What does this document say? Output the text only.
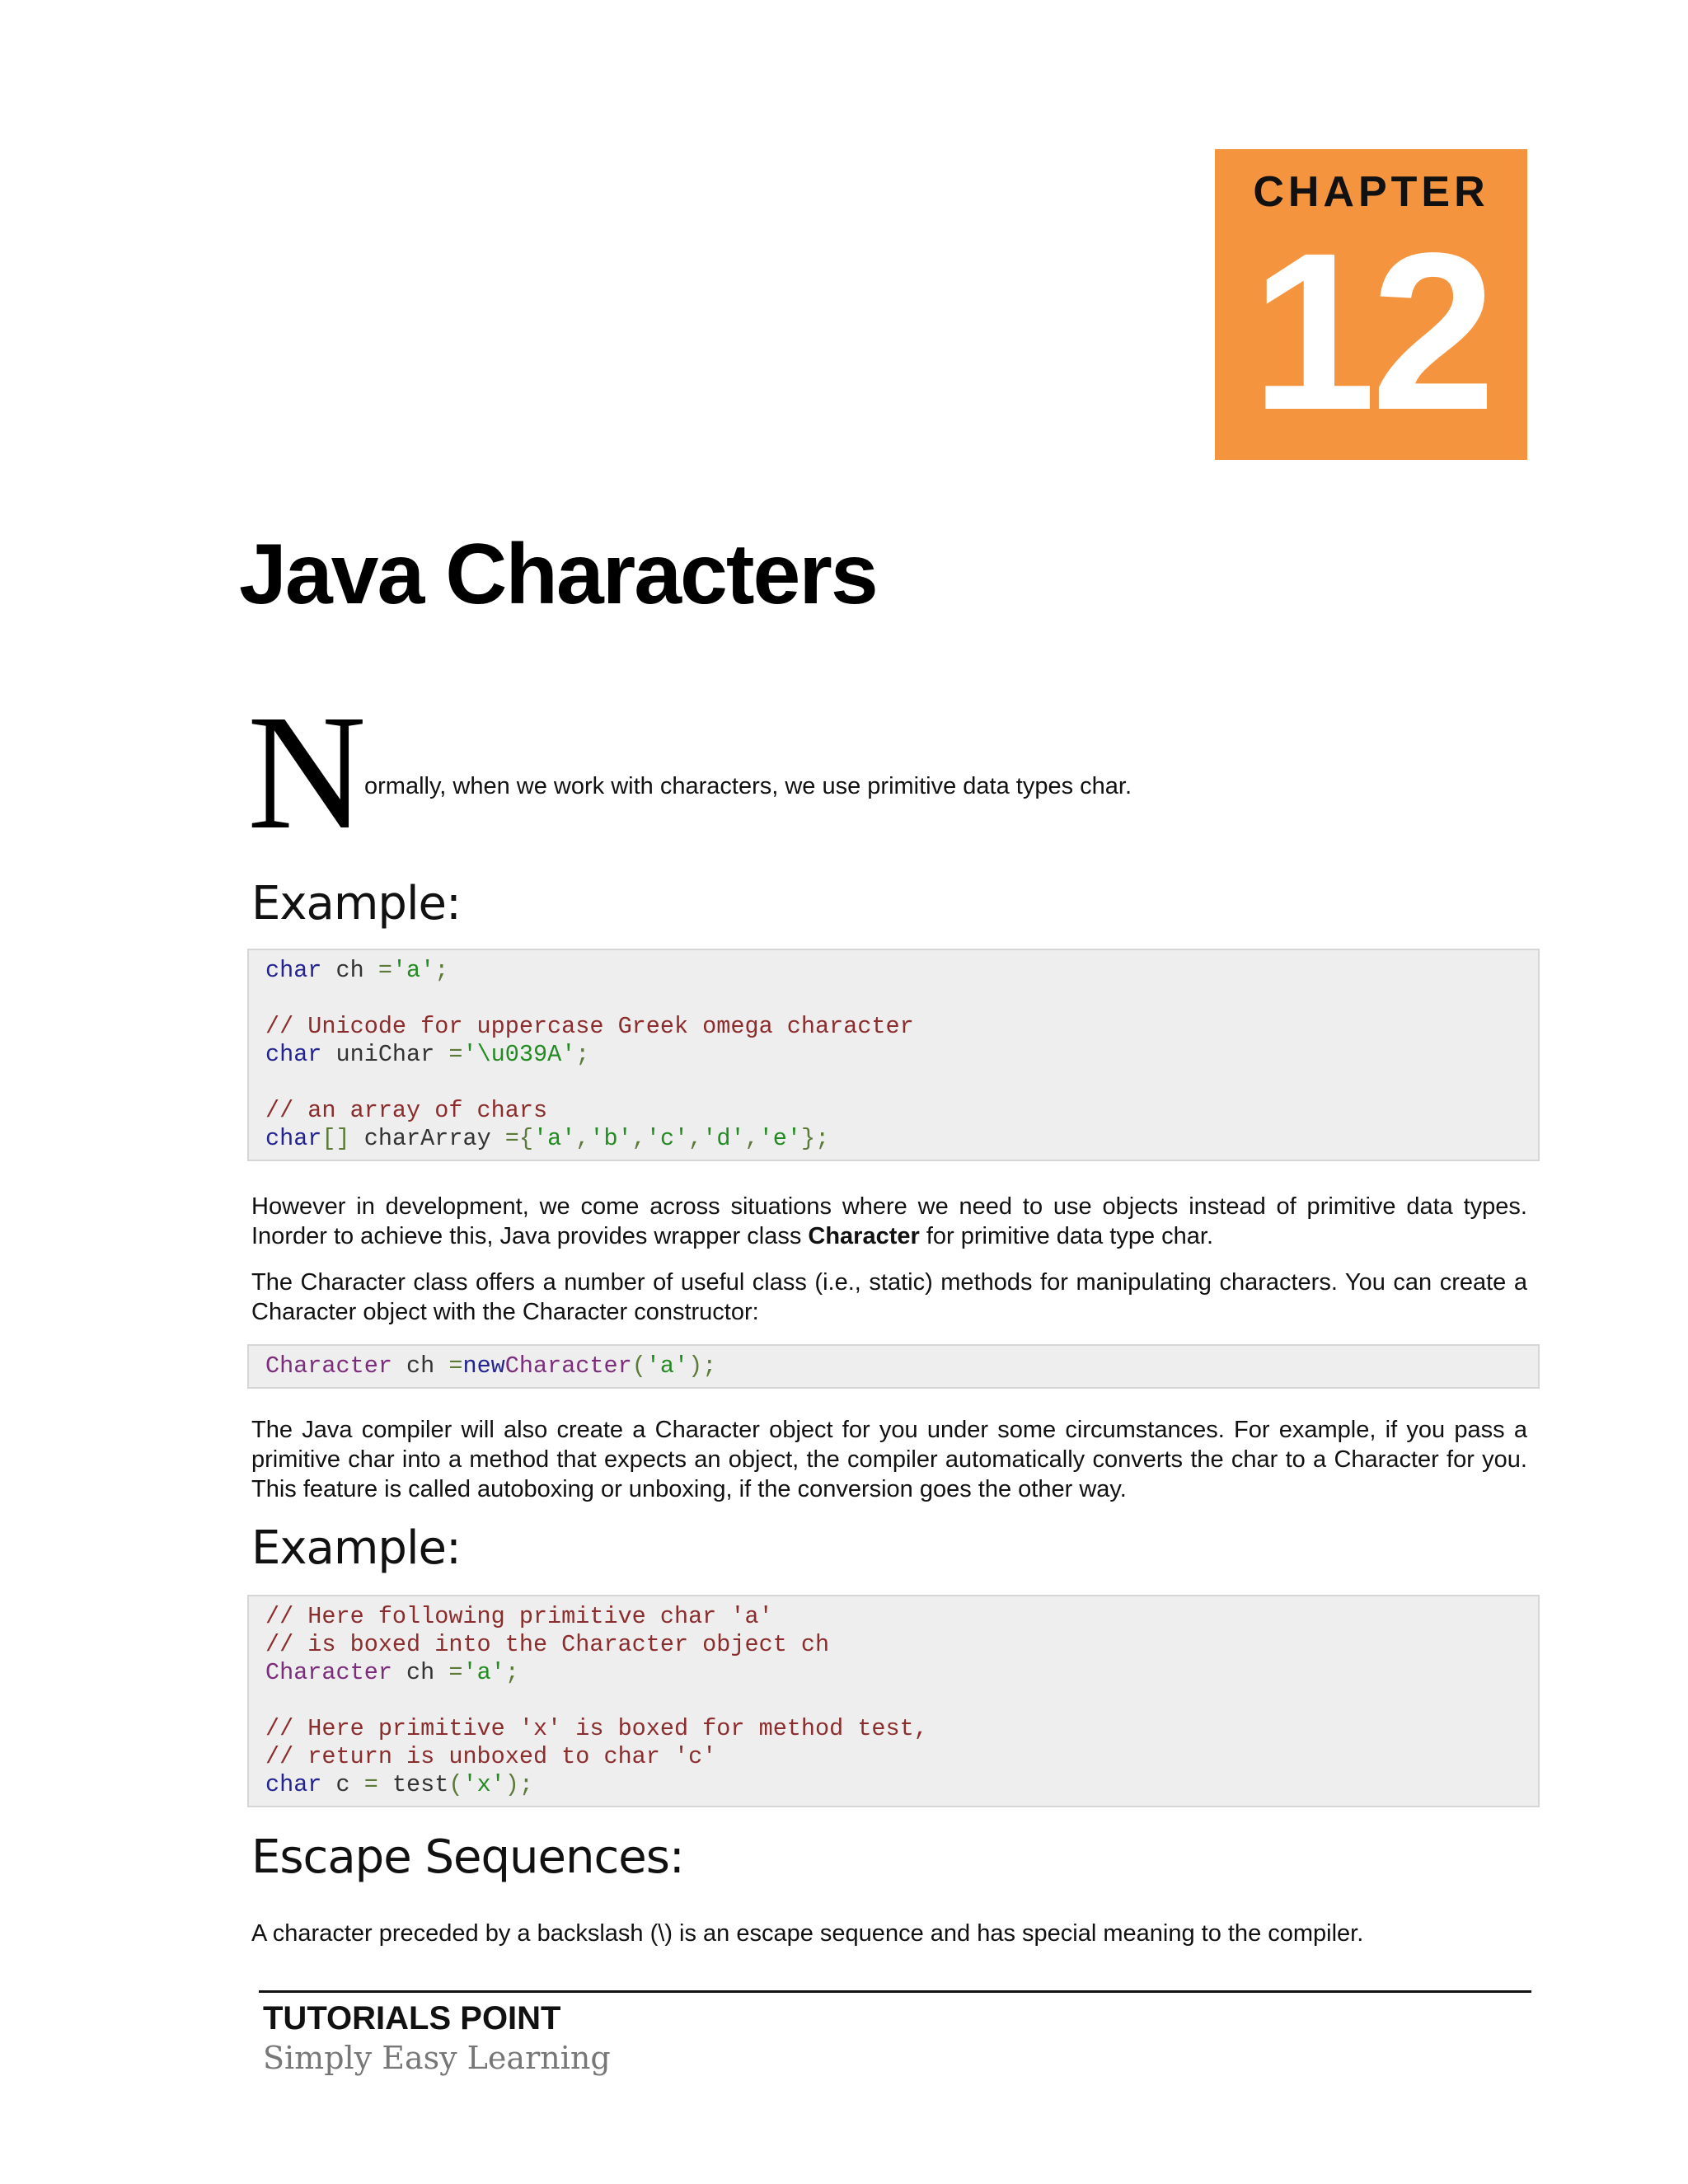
CHAPTER
12
Java Characters
N
ormally, when we work with characters, we use primitive data types char.
Example:
char ch ='a';
// Unicode for uppercase Greek omega character
char uniChar ='\u039A';
// an array of chars
char[] charArray ={'a','b','c','d','e'};

However in development, we come across situations where we need to use objects instead of primitive data types. Inorder to achieve this, Java provides wrapper class Character for primitive data type char.

The Character class offers a number of useful class (i.e., static) methods for manipulating characters. You can create a Character object with the Character constructor:

Character ch =newCharacter('a');

The Java compiler will also create a Character object for you under some circumstances. For example, if you pass a primitive char into a method that expects an object, the compiler automatically converts the char to a Character for you. This feature is called autoboxing or unboxing, if the conversion goes the other way.

Example:
// Here following primitive char 'a'
// is boxed into the Character object ch
Character ch ='a';
// Here primitive 'x' is boxed for method test,
// return is unboxed to char 'c'
char c = test('x');
Escape Sequences:

A character preceded by a backslash (\) is an escape sequence and has special meaning to the compiler.

TUTORIALS POINT
Simply Easy Learning
